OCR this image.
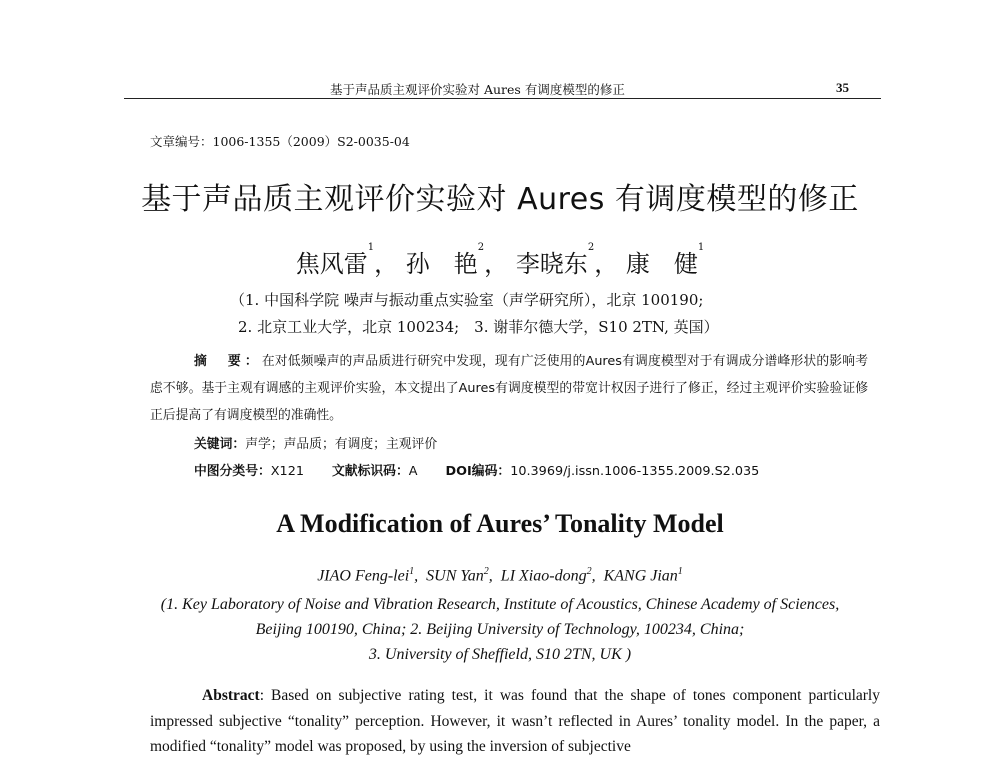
基于声品质主观评价实验对 Aures 有调度模型的修正	35
文章编号：1006-1355（2009）S2-0035-04
基于声品质主观评价实验对 Aures 有调度模型的修正
焦风雷$^1$， 孙　艳$^2$， 李晓东$^2$， 康　健$^1$
（1. 中国科学院 噪声与振动重点实验室（声学研究所），北京 100190;
2. 北京工业大学，北京 100234;　3. 谢菲尔德大学，S10 2TN, 英国）
摘　要：在对低频噪声的声品质进行研究中发现，现有广泛使用的Aures有调度模型对于有调成分谱峰形状的影响考虑不够。基于主观有调感的主观评价实验，本文提出了Aures有调度模型的带宽计权因子进行了修正，经过主观评价实验验证修正后提高了有调度模型的准确性。
关键词：声学；声品质；有调度；主观评价
中图分类号：X121 文献标识码：A DOI编码：10.3969/j.issn.1006-1355.2009.S2.035
A Modification of Aures’ Tonality Model
JIAO Feng-lei$^1$,  SUN Yan$^2$,  LI Xiao-dong$^2$,  KANG Jian$^1$
(1. Key Laboratory of Noise and Vibration Research, Institute of Acoustics, Chinese Academy of Sciences,
Beijing 100190, China; 2. Beijing University of Technology, 100234, China;
3. University of Sheffield, S10 2TN, UK )
Abstract: Based on subjective rating test, it was found that the shape of tones component particularly impressed subjective “tonality” perception. However, it wasn’t reflected in Aures’ tonality model. In the paper, a modified “tonality” model was proposed, by using the inversion of subjective
